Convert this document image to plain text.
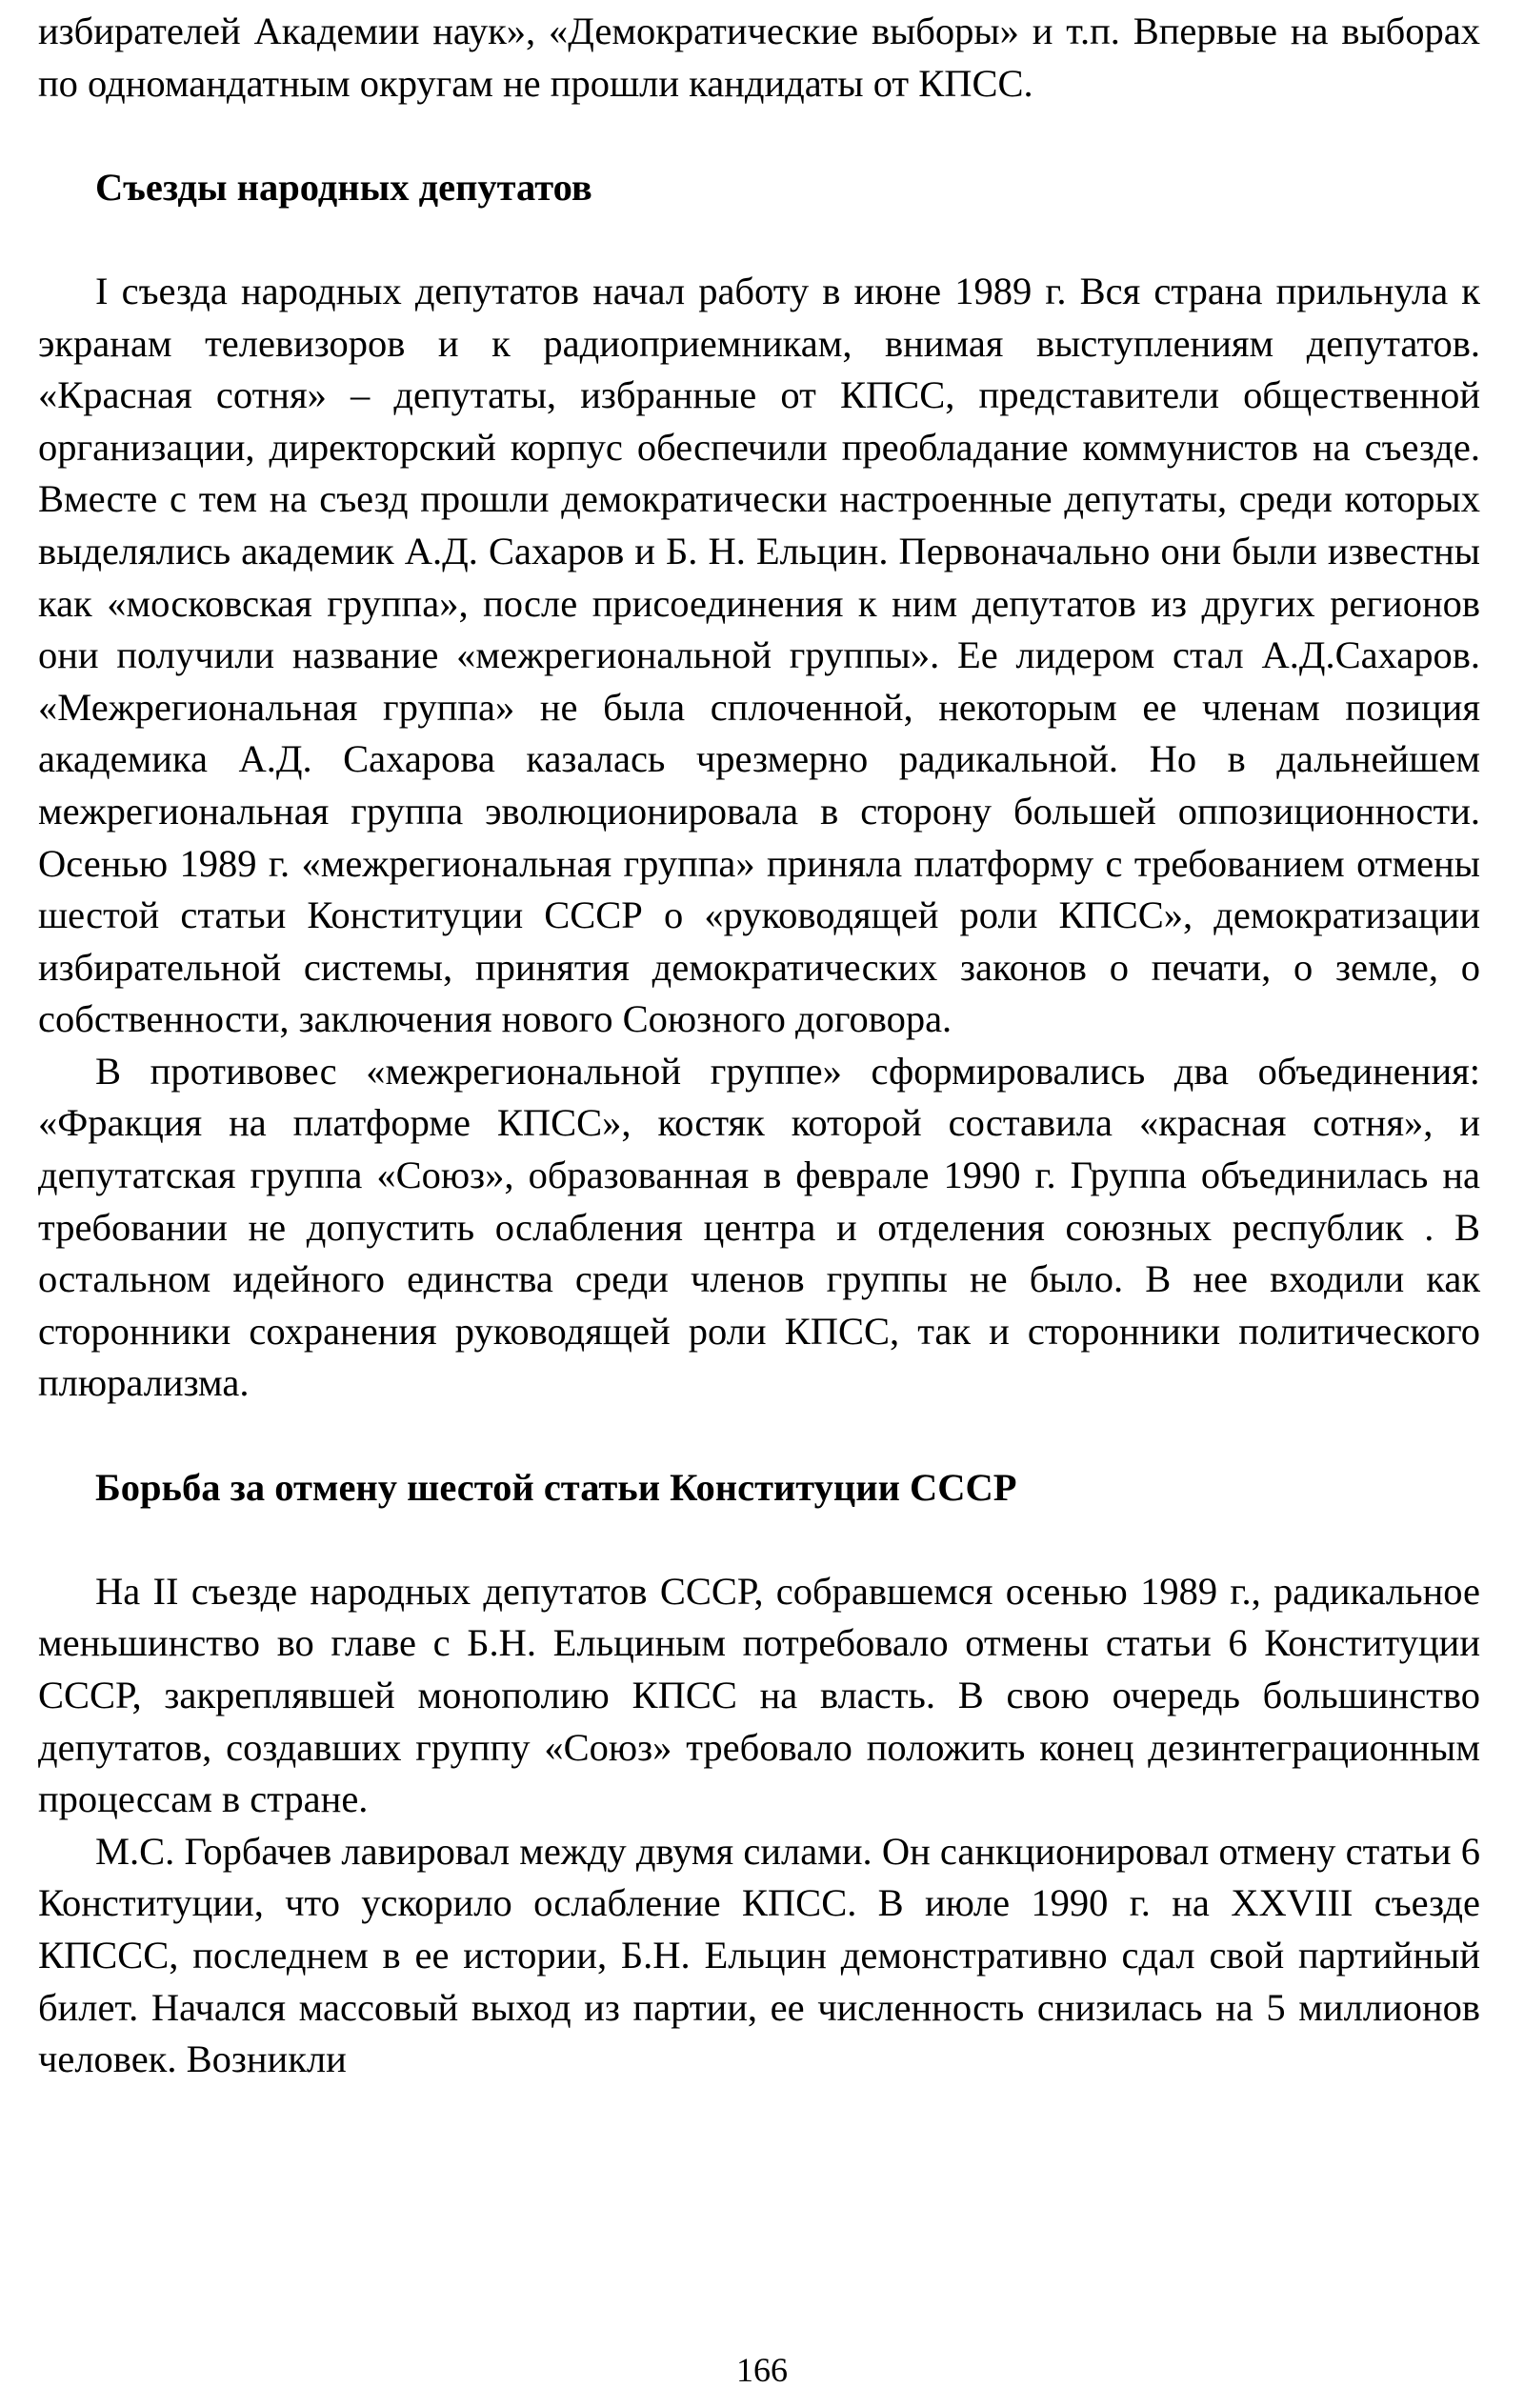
избирателей Академии наук», «Демократические выборы» и т.п. Впервые на выборах по одномандатным округам не прошли кандидаты от КПСС.

Съезды народных депутатов

I съезда народных депутатов начал работу в июне 1989 г. Вся страна прильнула к экранам телевизоров и к радиоприемникам, внимая выступлениям депутатов. «Красная сотня» – депутаты, избранные от КПСС, представители общественной организации, директорский корпус обеспечили преобладание коммунистов на съезде. Вместе с тем на съезд прошли демократически настроенные депутаты, среди которых выделялись академик А.Д. Сахаров и Б. Н. Ельцин. Первоначально они были известны как «московская группа», после присоединения к ним депутатов из других регионов они получили название «межрегиональной группы». Ее лидером стал А.Д.Сахаров. «Межрегиональная группа» не была сплоченной, некоторым ее членам позиция академика А.Д. Сахарова казалась чрезмерно радикальной. Но в дальнейшем межрегиональная группа эволюционировала в сторону большей оппозиционности. Осенью 1989 г. «межрегиональная группа» приняла платформу с требованием отмены шестой статьи Конституции СССР о «руководящей роли КПСС», демократизации избирательной системы, принятия демократических законов о печати, о земле, о собственности, заключения нового Союзного договора.

В противовес «межрегиональной группе» сформировались два объединения: «Фракция на платформе КПСС», костяк которой составила «красная сотня», и депутатская группа «Союз», образованная в феврале 1990 г. Группа объединилась на требовании не допустить ослабления центра и отделения союзных республик . В остальном идейного единства среди членов группы не было. В нее входили как сторонники сохранения руководящей роли КПСС, так и сторонники политического плюрализма.

Борьба за отмену шестой статьи Конституции СССР

На II съезде народных депутатов СССР, собравшемся осенью 1989 г., радикальное меньшинство во главе с Б.Н. Ельциным потребовало отмены статьи 6 Конституции СССР, закреплявшей монополию КПСС на власть. В свою очередь большинство депутатов, создавших группу «Союз» требовало положить конец дезинтеграционным процессам в стране.

М.С. Горбачев лавировал между двумя силами. Он санкционировал отмену статьи 6 Конституции, что ускорило ослабление КПСС. В июле 1990 г. на XXVIII съезде КПССС, последнем в ее истории, Б.Н. Ельцин демонстративно сдал свой партийный билет. Начался массовый выход из партии, ее численность снизилась на 5 миллионов человек. Возникли

166
